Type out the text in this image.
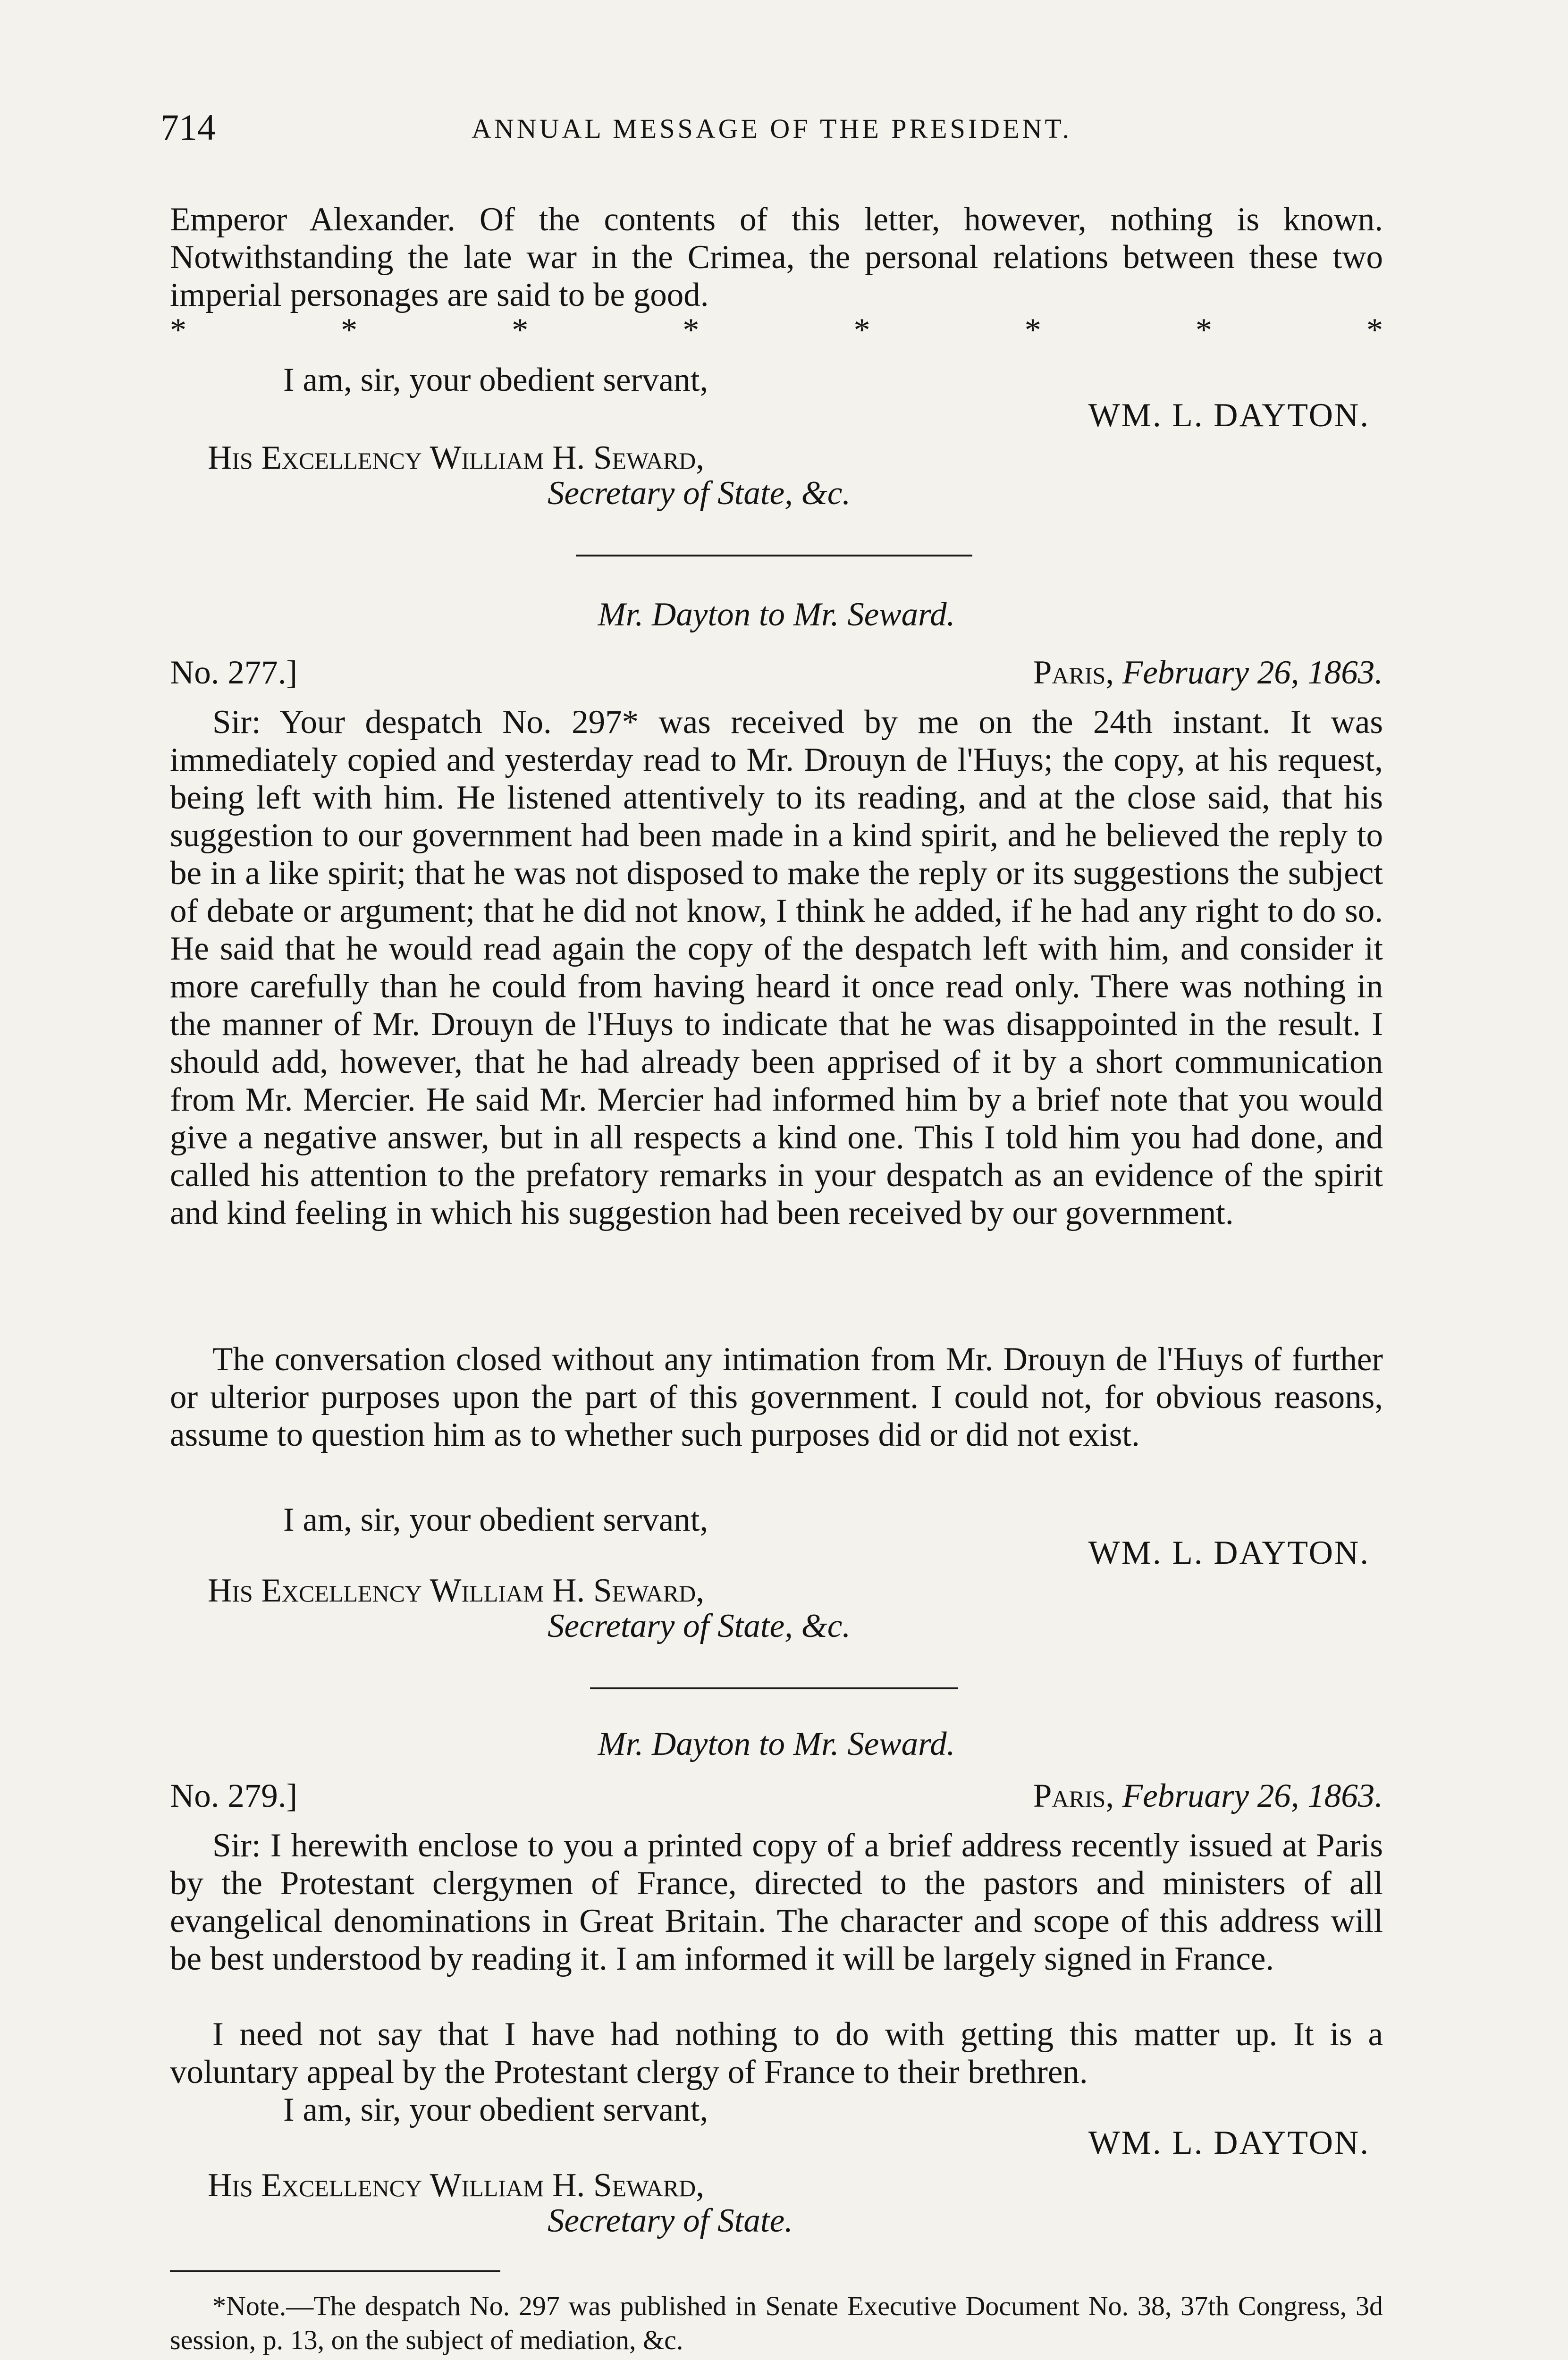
714	ANNUAL MESSAGE OF THE PRESIDENT.
Emperor Alexander. Of the contents of this letter, however, nothing is known. Notwithstanding the late war in the Crimea, the personal relations between these two imperial personages are said to be good.
*	*	*	*	*	*	*	*
I am, sir, your obedient servant,
WM. L. DAYTON.
His Excellency William H. Seward,
Secretary of State, &c.
Mr. Dayton to Mr. Seward.
No. 277.]	Paris, February 26, 1863.
Sir: Your despatch No. 297* was received by me on the 24th instant. It was immediately copied and yesterday read to Mr. Drouyn de l'Huys; the copy, at his request, being left with him. He listened attentively to its reading, and at the close said, that his suggestion to our government had been made in a kind spirit, and he believed the reply to be in a like spirit; that he was not disposed to make the reply or its suggestions the subject of debate or argument; that he did not know, I think he added, if he had any right to do so. He said that he would read again the copy of the despatch left with him, and consider it more carefully than he could from having heard it once read only. There was nothing in the manner of Mr. Drouyn de l'Huys to indicate that he was disappointed in the result. I should add, however, that he had already been apprised of it by a short communication from Mr. Mercier. He said Mr. Mercier had informed him by a brief note that you would give a negative answer, but in all respects a kind one. This I told him you had done, and called his attention to the prefatory remarks in your despatch as an evidence of the spirit and kind feeling in which his suggestion had been received by our government.
The conversation closed without any intimation from Mr. Drouyn de l'Huys of further or ulterior purposes upon the part of this government. I could not, for obvious reasons, assume to question him as to whether such purposes did or did not exist.
I am, sir, your obedient servant,
WM. L. DAYTON.
His Excellency William H. Seward,
Secretary of State, &c.
Mr. Dayton to Mr. Seward.
No. 279.]	Paris, February 26, 1863.
Sir: I herewith enclose to you a printed copy of a brief address recently issued at Paris by the Protestant clergymen of France, directed to the pastors and ministers of all evangelical denominations in Great Britain. The character and scope of this address will be best understood by reading it. I am informed it will be largely signed in France.
I need not say that I have had nothing to do with getting this matter up. It is a voluntary appeal by the Protestant clergy of France to their brethren.
I am, sir, your obedient servant,
WM. L. DAYTON.
His Excellency William H. Seward,
Secretary of State.
*Note.—The despatch No. 297 was published in Senate Executive Document No. 38, 37th Congress, 3d session, p. 13, on the subject of mediation, &c.
